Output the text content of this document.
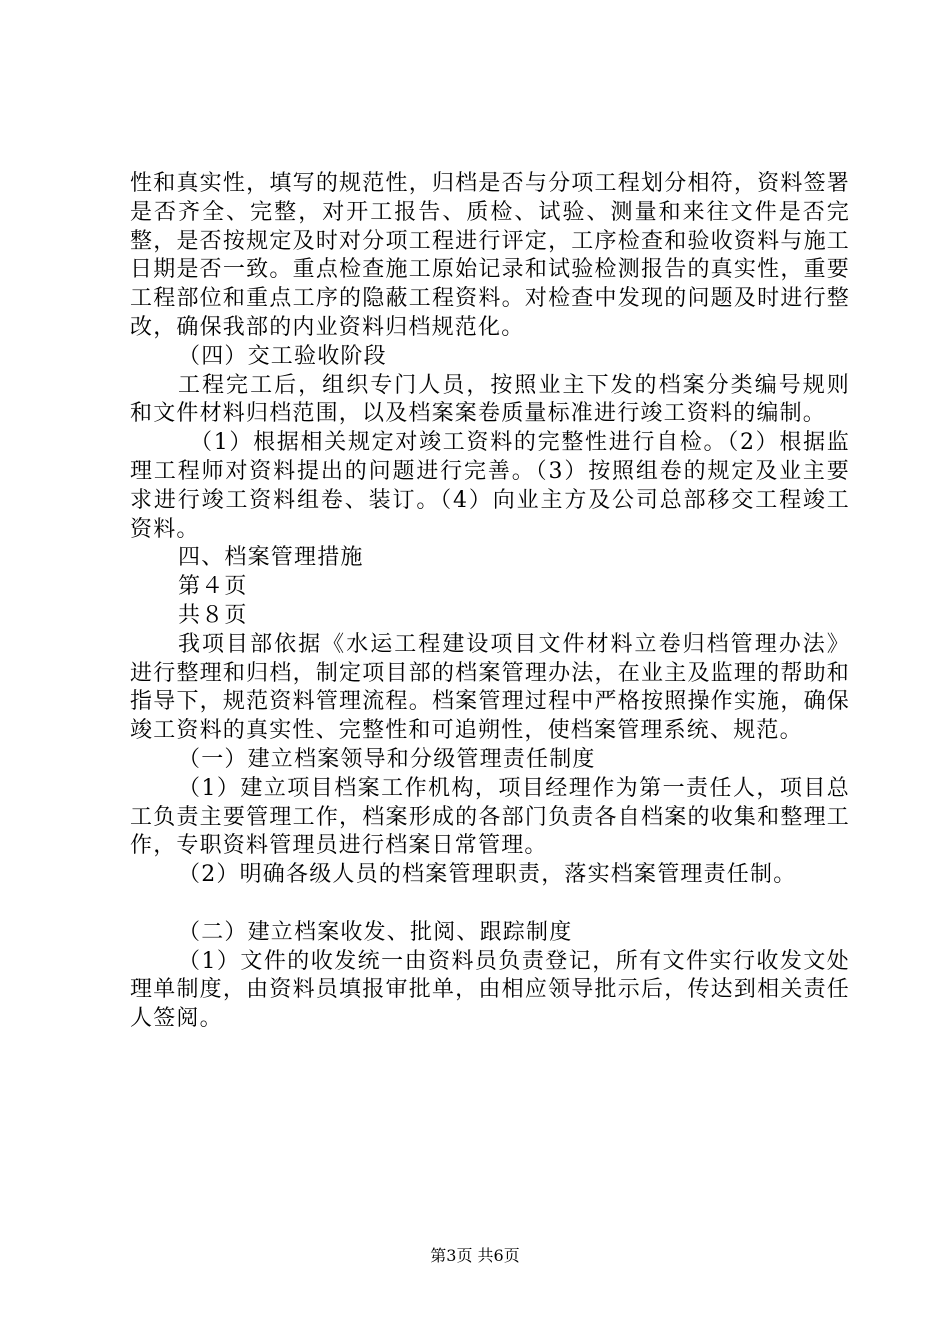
性和真实性，填写的规范性，归档是否与分项工程划分相符，资料签署是否齐全、完整，对开工报告、质检、试验、测量和来往文件是否完整，是否按规定及时对分项工程进行评定，工序检查和验收资料与施工日期是否一致。重点检查施工原始记录和试验检测报告的真实性，重要工程部位和重点工序的隐蔽工程资料。对检查中发现的问题及时进行整改，确保我部的内业资料归档规范化。

（四）交工验收阶段

工程完工后，组织专门人员，按照业主下发的档案分类编号规则和文件材料归档范围，以及档案案卷质量标准进行竣工资料的编制。

（1）根据相关规定对竣工资料的完整性进行自检。（2）根据监理工程师对资料提出的问题进行完善。（3）按照组卷的规定及业主要求进行竣工资料组卷、装订。（4）向业主方及公司总部移交工程竣工资料。

四、档案管理措施

第４页

共８页

我项目部依据《水运工程建设项目文件材料立卷归档管理办法》进行整理和归档，制定项目部的档案管理办法，在业主及监理的帮助和指导下，规范资料管理流程。档案管理过程中严格按照操作实施，确保竣工资料的真实性、完整性和可追朔性，使档案管理系统、规范。

（一）建立档案领导和分级管理责任制度

（1）建立项目档案工作机构，项目经理作为第一责任人，项目总工负责主要管理工作，档案形成的各部门负责各自档案的收集和整理工作，专职资料管理员进行档案日常管理。

（2）明确各级人员的档案管理职责，落实档案管理责任制。

（二）建立档案收发、批阅、跟踪制度

（1）文件的收发统一由资料员负责登记，所有文件实行收发文处理单制度，由资料员填报审批单，由相应领导批示后，传达到相关责任人签阅。

第3页 共6页
